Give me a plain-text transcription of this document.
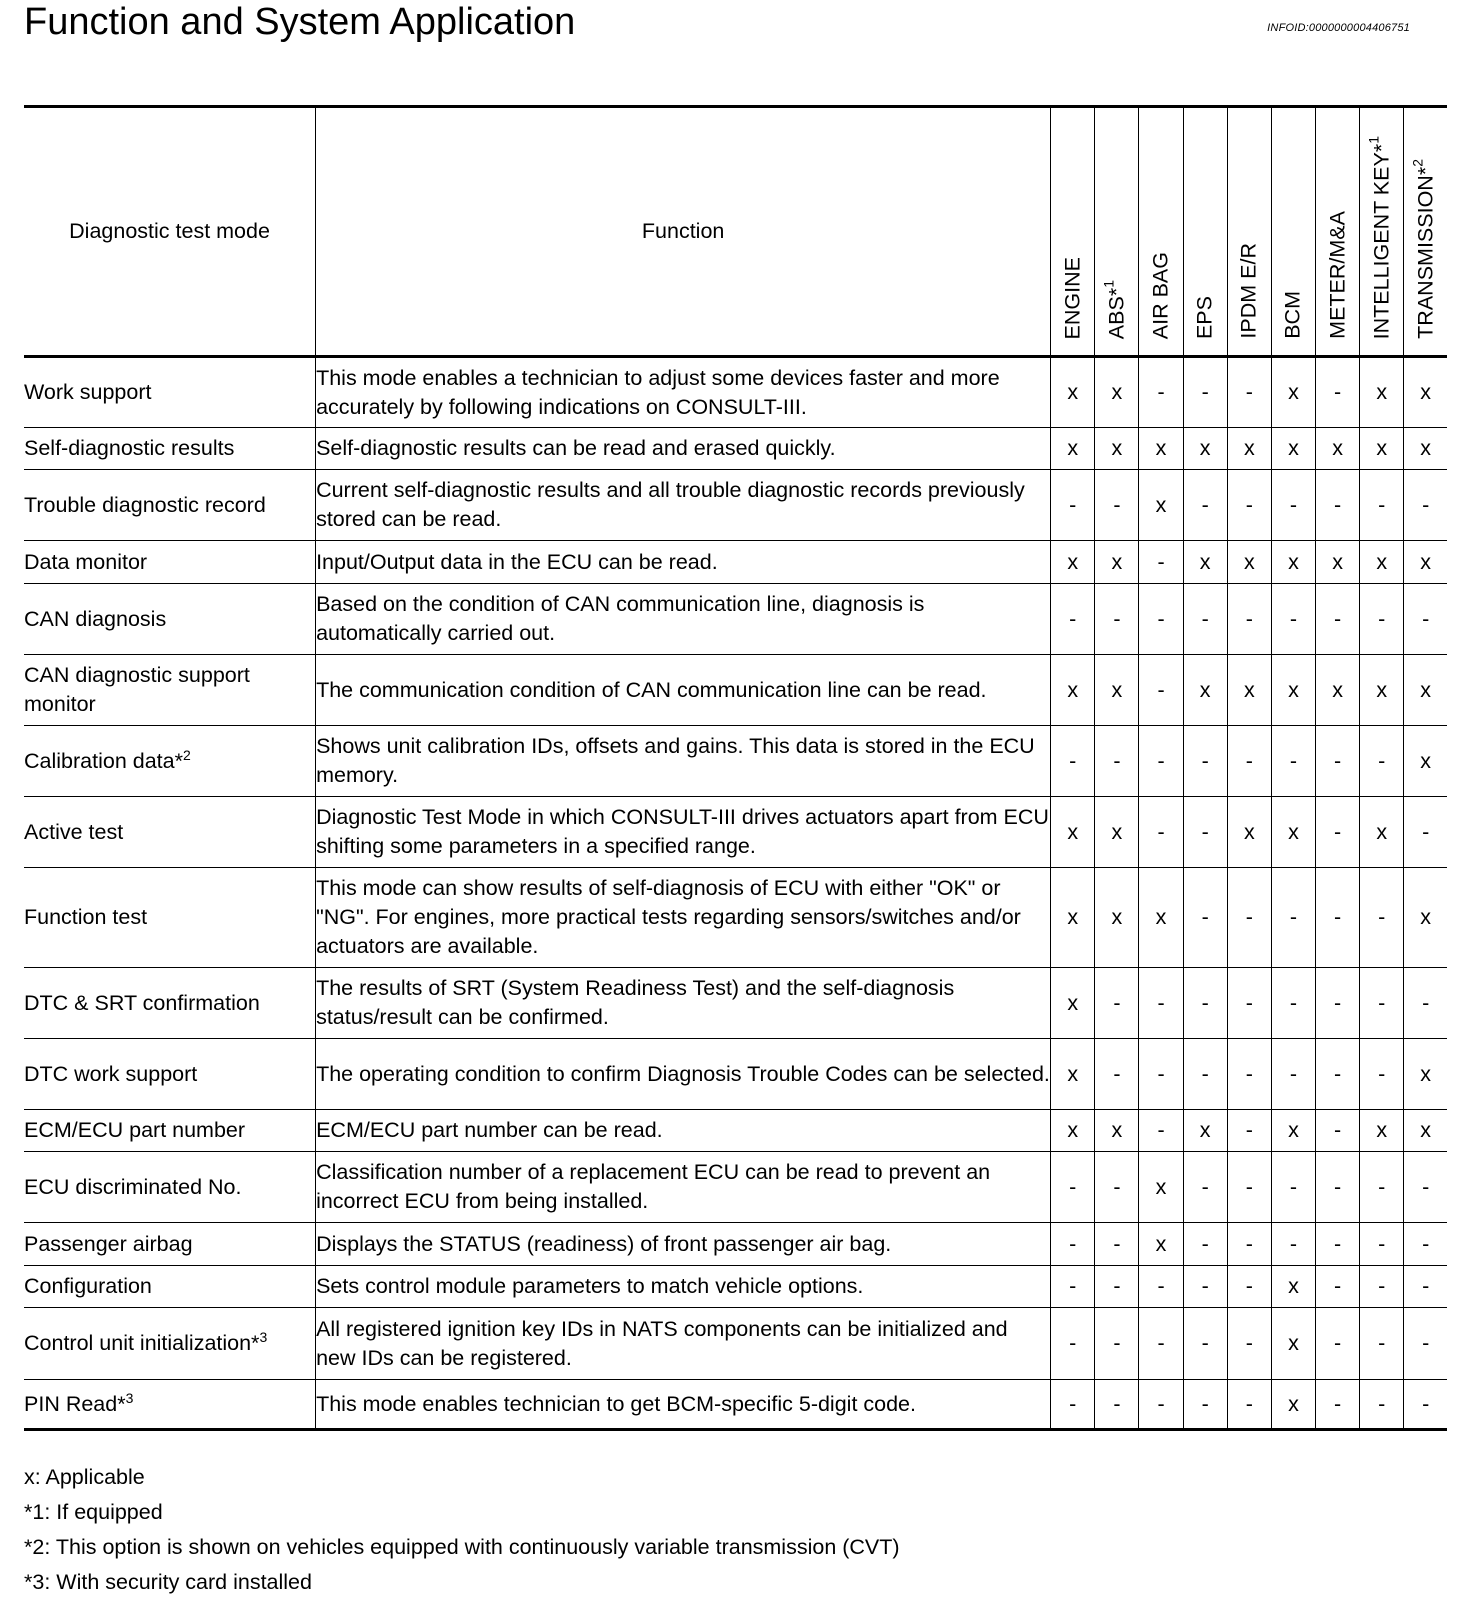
Function and System Application	INFOID:0000000004406751
Diagnostic test mode	Function	ENGINE	ABS*$^1$	AIR BAG	EPS	IPDM E/R	BCM	METER/M&A	INTELLIGENT KEY*$^1$	TRANSMISSION*$^2$

Work support	This mode enables a technician to adjust some devices faster and more accurately by following indications on CONSULT-III.	x	x	-	-	-	x	-	x	x
Self-diagnostic results	Self-diagnostic results can be read and erased quickly.	x	x	x	x	x	x	x	x	x
Trouble diagnostic record	Current self-diagnostic results and all trouble diagnostic records previously stored can be read.	-	-	x	-	-	-	-	-	-
Data monitor	Input/Output data in the ECU can be read.	x	x	-	x	x	x	x	x	x
CAN diagnosis	Based on the condition of CAN communication line, diagnosis is automatically carried out.	-	-	-	-	-	-	-	-	-
CAN diagnostic support monitor	The communication condition of CAN communication line can be read.	x	x	-	x	x	x	x	x	x
Calibration data*$^2$	Shows unit calibration IDs, offsets and gains. This data is stored in the ECU memory.	-	-	-	-	-	-	-	-	x
Active test	Diagnostic Test Mode in which CONSULT-III drives actuators apart from ECU shifting some parameters in a specified range.	x	x	-	-	x	x	-	x	-
Function test	This mode can show results of self-diagnosis of ECU with either "OK" or "NG". For engines, more practical tests regarding sensors/switches and/or actuators are available.	x	x	x	-	-	-	-	-	x
DTC & SRT confirmation	The results of SRT (System Readiness Test) and the self-diagnosis status/result can be confirmed.	x	-	-	-	-	-	-	-	-
DTC work support	The operating condition to confirm Diagnosis Trouble Codes can be selected.	x	-	-	-	-	-	-	-	x
ECM/ECU part number	ECM/ECU part number can be read.	x	x	-	x	-	x	-	x	x
ECU discriminated No.	Classification number of a replacement ECU can be read to prevent an incorrect ECU from being installed.	-	-	x	-	-	-	-	-	-
Passenger airbag	Displays the STATUS (readiness) of front passenger air bag.	-	-	x	-	-	-	-	-	-
Configuration	Sets control module parameters to match vehicle options.	-	-	-	-	-	x	-	-	-
Control unit initialization*$^3$	All registered ignition key IDs in NATS components can be initialized and new IDs can be registered.	-	-	-	-	-	x	-	-	-
PIN Read*$^3$	This mode enables technician to get BCM-specific 5-digit code.	-	-	-	-	-	x	-	-	-
x: Applicable
*1: If equipped
*2: This option is shown on vehicles equipped with continuously variable transmission (CVT)
*3: With security card installed
